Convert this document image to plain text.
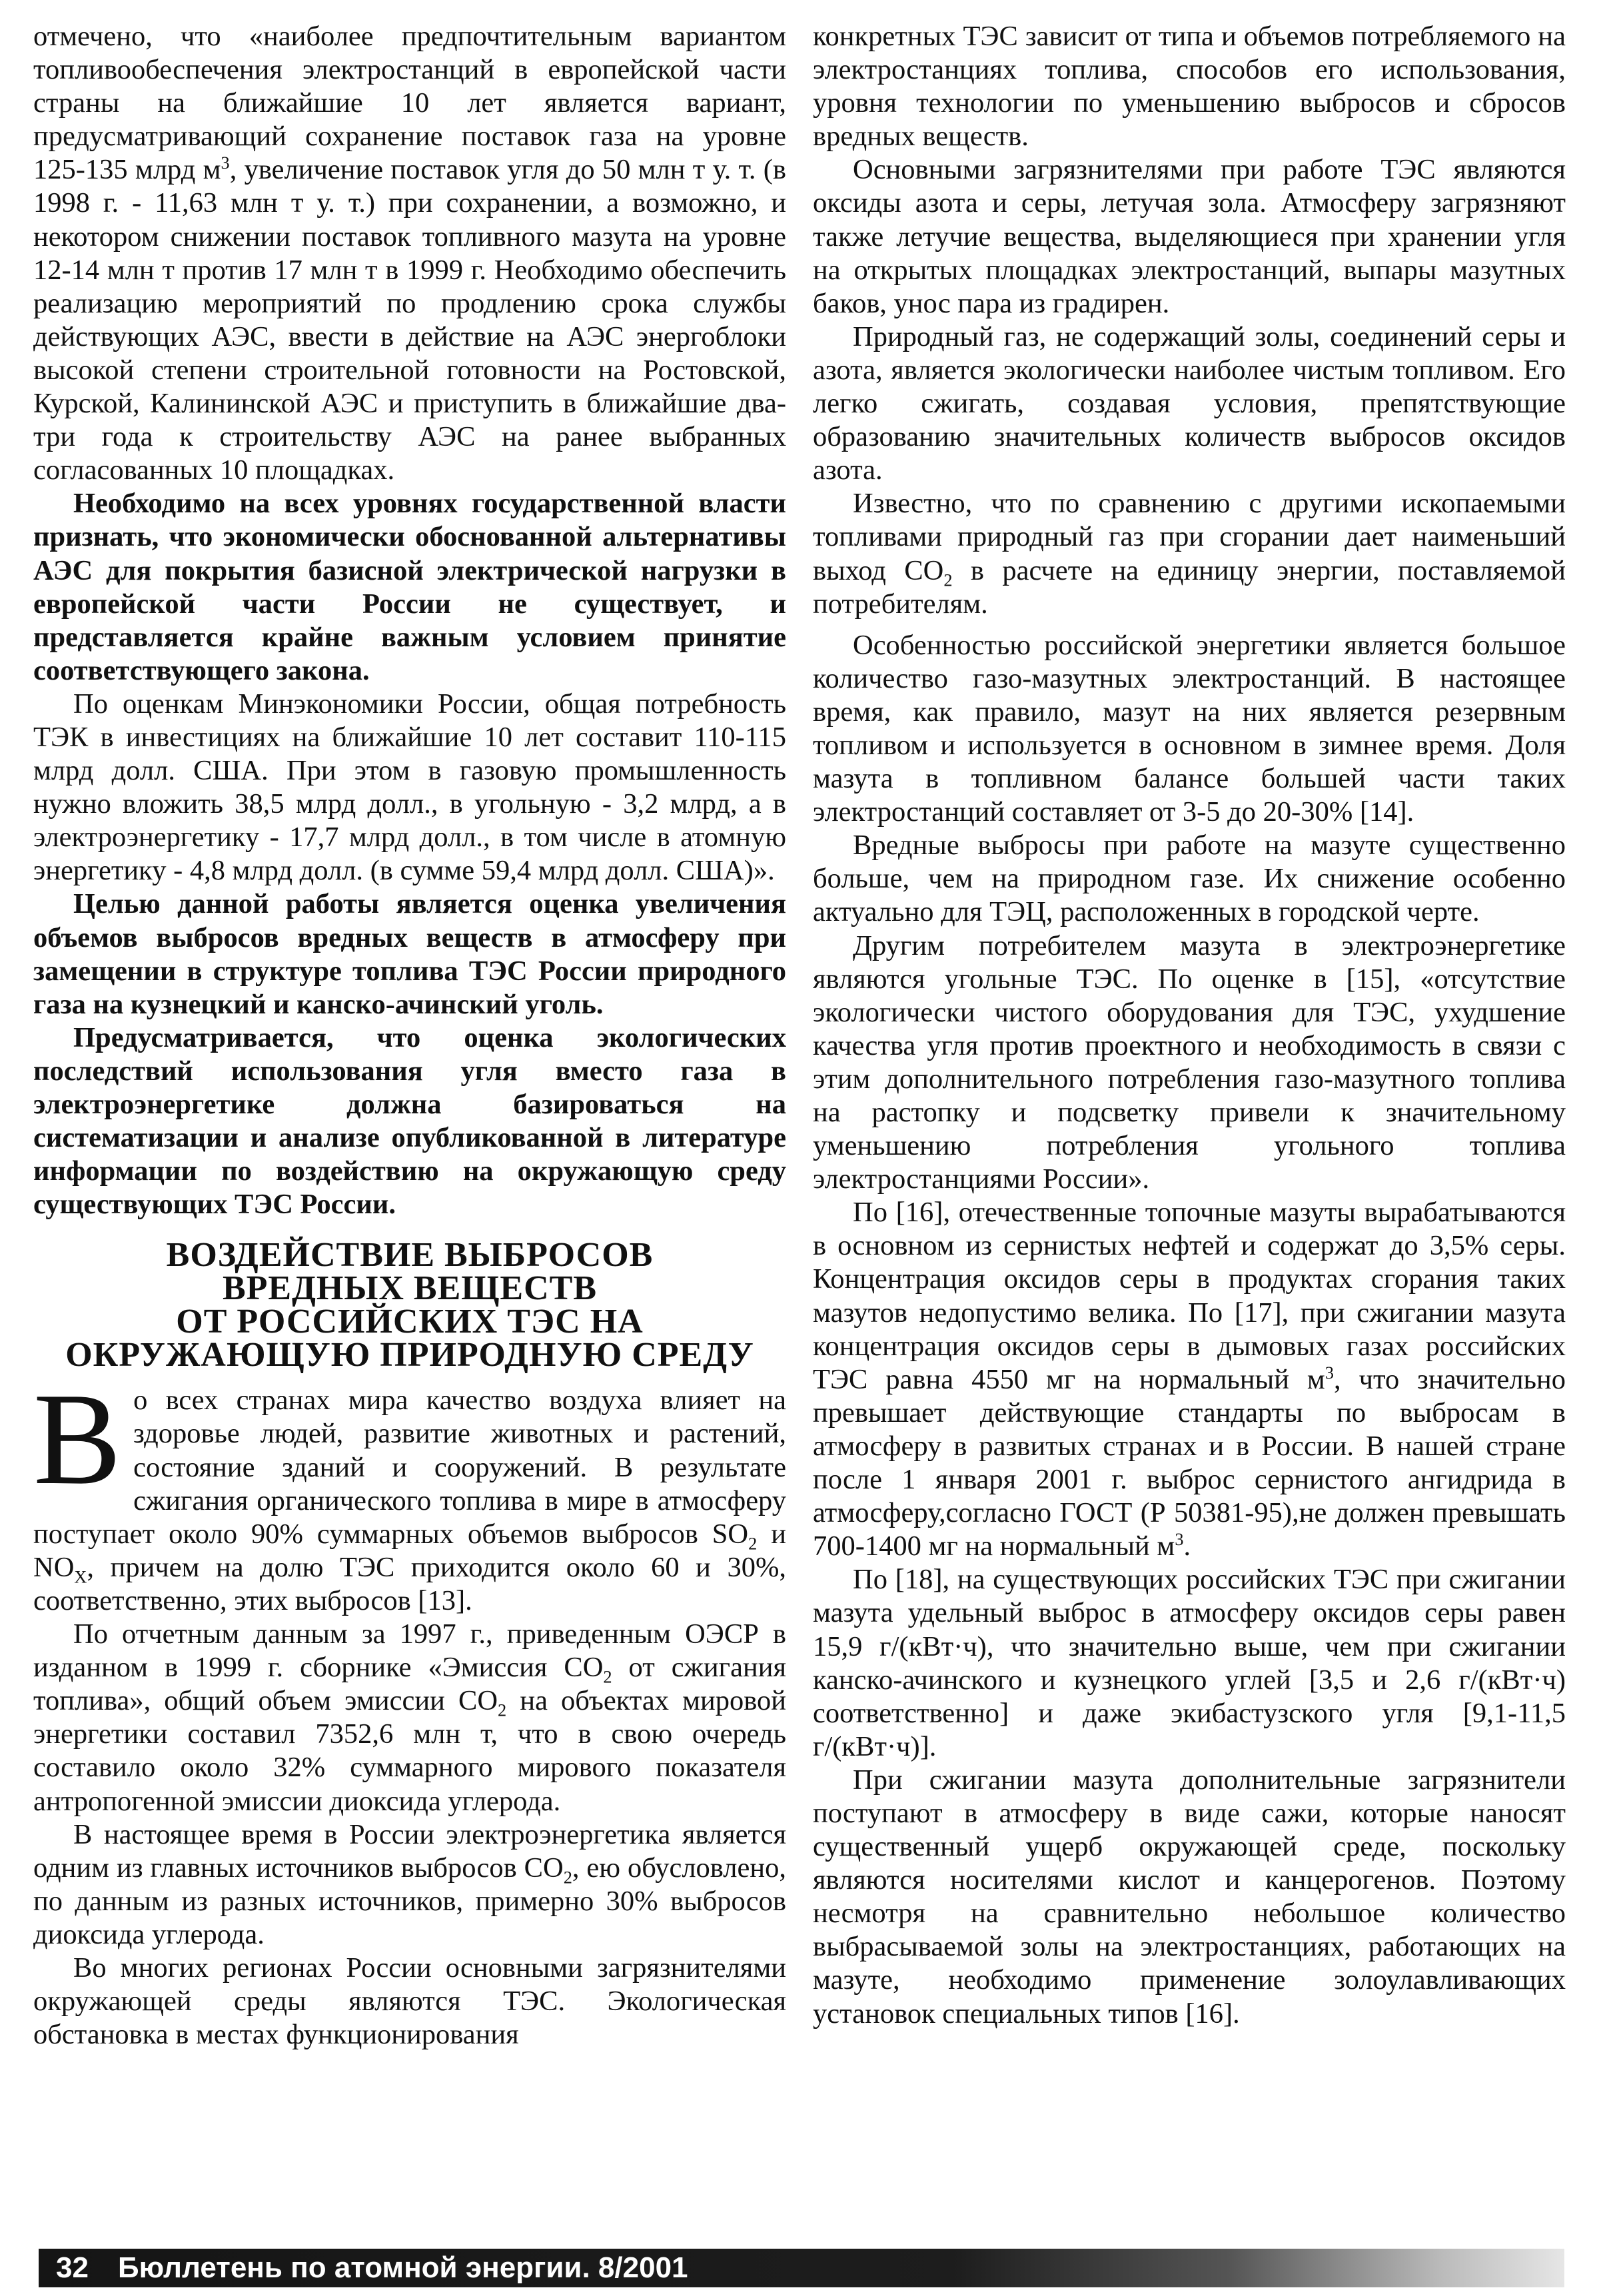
отмечено, что «наиболее предпочтительным вариантом топливообеспечения электростанций в европейской части страны на ближайшие 10 лет является вариант, предусматривающий сохранение поставок газа на уровне 125-135 млрд $м^3$, увеличение поставок угля до 50 млн т у. т. (в 1998 г. - 11,63 млн т у. т.) при сохранении, а возможно, и некотором снижении поставок топливного мазута на уровне 12-14 млн т против 17 млн т в 1999 г. Необходимо обеспечить реализацию мероприятий по продлению срока службы действующих АЭС, ввести в действие на АЭС энергоблоки высокой степени строительной готовности на Ростовской, Курской, Калининской АЭС и приступить в ближайшие два-три года к строительству АЭС на ранее выбранных согласованных 10 площадках.

Необходимо на всех уровнях государственной власти признать, что экономически обоснованной альтернативы АЭС для покрытия базисной электрической нагрузки в европейской части России не существует, и представляется крайне важным условием принятие соответствующего закона.

По оценкам Минэкономики России, общая потребность ТЭК в инвестициях на ближайшие 10 лет составит 110-115 млрд долл. США. При этом в газовую промышленность нужно вложить 38,5 млрд долл., в угольную - 3,2 млрд, а в электроэнергетику - 17,7 млрд долл., в том числе в атомную энергетику - 4,8 млрд долл. (в сумме 59,4 млрд долл. США)».

Целью данной работы является оценка увеличения объемов выбросов вредных веществ в атмосферу при замещении в структуре топлива ТЭС России природного газа на кузнецкий и канско-ачинский уголь.

Предусматривается, что оценка экологических последствий использования угля вместо газа в электроэнергетике должна базироваться на систематизации и анализе опубликованной в литературе информации по воздействию на окружающую среду существующих ТЭС России.

ВОЗДЕЙСТВИЕ ВЫБРОСОВ
ВРЕДНЫХ ВЕЩЕСТВ
ОТ РОССИЙСКИХ ТЭС НА
ОКРУЖАЮЩУЮ ПРИРОДНУЮ СРЕДУ

Во всех странах мира качество воздуха влияет на здоровье людей, развитие животных и растений, состояние зданий и сооружений. В результате сжигания органического топлива в мире в атмосферу поступает около 90% суммарных объемов выбросов $SO_2$ и $NO_X$, причем на долю ТЭС приходится около 60 и 30%, соответственно, этих выбросов [13].

По отчетным данным за 1997 г., приведенным ОЭСР в изданном в 1999 г. сборнике «Эмиссия $CO_2$ от сжигания топлива», общий объем эмиссии $CO_2$ на объектах мировой энергетики составил 7352,6 млн т, что в свою очередь составило около 32% суммарного мирового показателя антропогенной эмиссии диоксида углерода.

В настоящее время в России электроэнергетика является одним из главных источников выбросов $CO_2$, ею обусловлено, по данным из разных источников, примерно 30% выбросов диоксида углерода.

Во многих регионах России основными загрязнителями окружающей среды являются ТЭС. Экологическая обстановка в местах функционирования

конкретных ТЭС зависит от типа и объемов потребляемого на электростанциях топлива, способов его использования, уровня технологии по уменьшению выбросов и сбросов вредных веществ.

Основными загрязнителями при работе ТЭС являются оксиды азота и серы, летучая зола. Атмосферу загрязняют также летучие вещества, выделяющиеся при хранении угля на открытых площадках электростанций, выпары мазутных баков, унос пара из градирен.

Природный газ, не содержащий золы, соединений серы и азота, является экологически наиболее чистым топливом. Его легко сжигать, создавая условия, препятствующие образованию значительных количеств выбросов оксидов азота.

Известно, что по сравнению с другими ископаемыми топливами природный газ при сгорании дает наименьший выход $CO_2$ в расчете на единицу энергии, поставляемой потребителям.

Особенностью российской энергетики является большое количество газо-мазутных электростанций. В настоящее время, как правило, мазут на них является резервным топливом и используется в основном в зимнее время. Доля мазута в топливном балансе большей части таких электростанций составляет от 3-5 до 20-30% [14].

Вредные выбросы при работе на мазуте существенно больше, чем на природном газе. Их снижение особенно актуально для ТЭЦ, расположенных в городской черте.

Другим потребителем мазута в электроэнергетике являются угольные ТЭС. По оценке в [15], «отсутствие экологически чистого оборудования для ТЭС, ухудшение качества угля против проектного и необходимость в связи с этим дополнительного потребления газо-мазутного топлива на растопку и подсветку привели к значительному уменьшению потребления угольного топлива электростанциями России».

По [16], отечественные топочные мазуты вырабатываются в основном из сернистых нефтей и содержат до 3,5% серы. Концентрация оксидов серы в продуктах сгорания таких мазутов недопустимо велика. По [17], при сжигании мазута концентрация оксидов серы в дымовых газах российских ТЭС равна 4550 мг на нормальный $м^3$, что значительно превышает действующие стандарты по выбросам в атмосферу в развитых странах и в России. В нашей стране после 1 января 2001 г. выброс сернистого ангидрида в атмосферу,согласно ГОСТ (Р 50381-95),не должен превышать 700-1400 мг на нормальный $м^3$.

По [18], на существующих российских ТЭС при сжигании мазута удельный выброс в атмосферу оксидов серы равен 15,9 г/(кВт·ч), что значительно выше, чем при сжигании канско-ачинского и кузнецкого углей [3,5 и 2,6 г/(кВт·ч) соответственно] и даже экибастузского угля [9,1-11,5 г/(кВт·ч)].

При сжигании мазута дополнительные загрязнители поступают в атмосферу в виде сажи, которые наносят существенный ущерб окружающей среде, поскольку являются носителями кислот и канцерогенов. Поэтому несмотря на сравнительно небольшое количество выбрасываемой золы на электростанциях, работающих на мазуте, необходимо применение золоулавливающих установок специальных типов [16].

32 Бюллетень по атомной энергии. 8/2001
